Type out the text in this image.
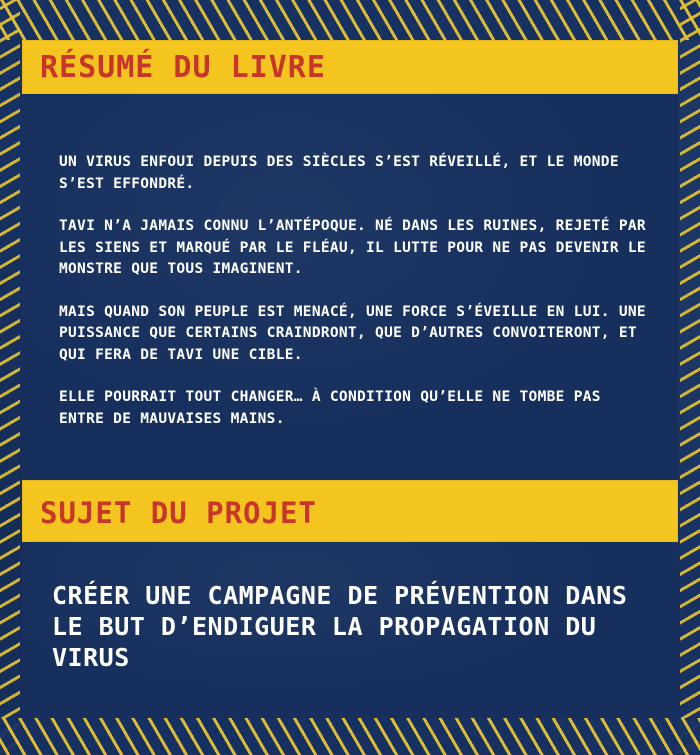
RÉSUMÉ DU LIVRE

UN VIRUS ENFOUI DEPUIS DES SIÈCLES S’EST RÉVEILLÉ, ET LE MONDE S’EST EFFONDRÉ.

TAVI N’A JAMAIS CONNU L’ANTÉPOQUE. NÉ DANS LES RUINES, REJETÉ PAR LES SIENS ET MARQUÉ PAR LE FLÉAU, IL LUTTE POUR NE PAS DEVENIR LE MONSTRE QUE TOUS IMAGINENT.

MAIS QUAND SON PEUPLE EST MENACÉ, UNE FORCE S’ÉVEILLE EN LUI. UNE PUISSANCE QUE CERTAINS CRAINDRONT, QUE D’AUTRES CONVOITERONT, ET QUI FERA DE TAVI UNE CIBLE.

ELLE POURRAIT TOUT CHANGER… À CONDITION QU’ELLE NE TOMBE PAS ENTRE DE MAUVAISES MAINS.

SUJET DU PROJET
CRÉER UNE CAMPAGNE DE PRÉVENTION DANS LE BUT D’ENDIGUER LA PROPAGATION DU VIRUS
